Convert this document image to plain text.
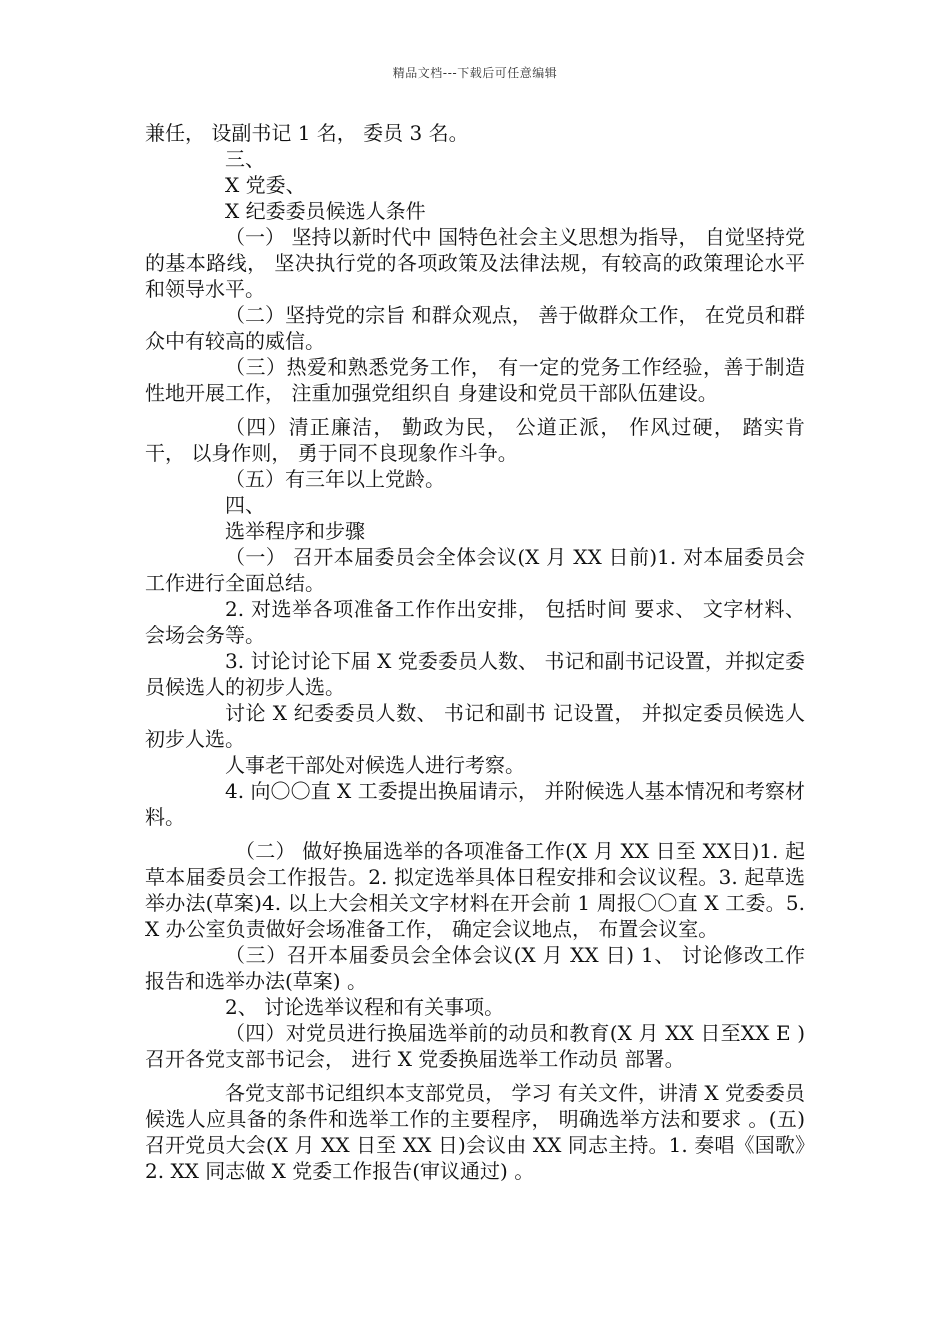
精品文档---下载后可任意编辑

兼任， 设副书记 1 名， 委员 3 名。

三、

X 党委、

X 纪委委员候选人条件

（一） 坚持以新时代中 国特色社会主义思想为指导， 自觉坚持党的基本路线， 坚决执行党的各项政策及法律法规，有较高的政策理论水平和领导水平。

（二）坚持党的宗旨 和群众观点， 善于做群众工作， 在党员和群众中有较高的威信。

（三）热爱和熟悉党务工作， 有一定的党务工作经验，善于制造性地开展工作， 注重加强党组织自 身建设和党员干部队伍建设。

（四）清正廉洁， 勤政为民， 公道正派， 作风过硬， 踏实肯干， 以身作则， 勇于同不良现象作斗争。

（五）有三年以上党龄。

四、

选举程序和步骤

（一） 召开本届委员会全体会议(X 月 XX 日前)1. 对本届委员会工作进行全面总结。

2. 对选举各项准备工作作出安排， 包括时间 要求、 文字材料、 会场会务等。

3. 讨论讨论下届 X 党委委员人数、 书记和副书记设置，并拟定委员候选人的初步人选。

讨论 X 纪委委员人数、 书记和副书 记设置， 并拟定委员候选人初步人选。

人事老干部处对候选人进行考察。

4. 向〇〇直 X 工委提出换届请示， 并附候选人基本情况和考察材料。

（二） 做好换届选举的各项准备工作(X 月 XX 日至 XX日)1. 起草本届委员会工作报告。2. 拟定选举具体日程安排和会议议程。3. 起草选举办法(草案)4. 以上大会相关文字材料在开会前 1 周报〇〇直 X 工委。5. X 办公室负责做好会场准备工作， 确定会议地点， 布置会议室。

（三）召开本届委员会全体会议(X 月 XX 日) 1、 讨论修改工作报告和选举办法(草案) 。

2、 讨论选举议程和有关事项。

（四）对党员进行换届选举前的动员和教育(X 月 XX 日至XX E ) 召开各党支部书记会， 进行 X 党委换届选举工作动员 部署。

各党支部书记组织本支部党员， 学习 有关文件，讲清 X 党委委员候选人应具备的条件和选举工作的主要程序， 明确选举方法和要求 。(五) 召开党员大会(X 月 XX 日至 XX 日)会议由 XX 同志主持。1. 奏唱《国歌》2. XX 同志做 X 党委工作报告(审议通过) 。
